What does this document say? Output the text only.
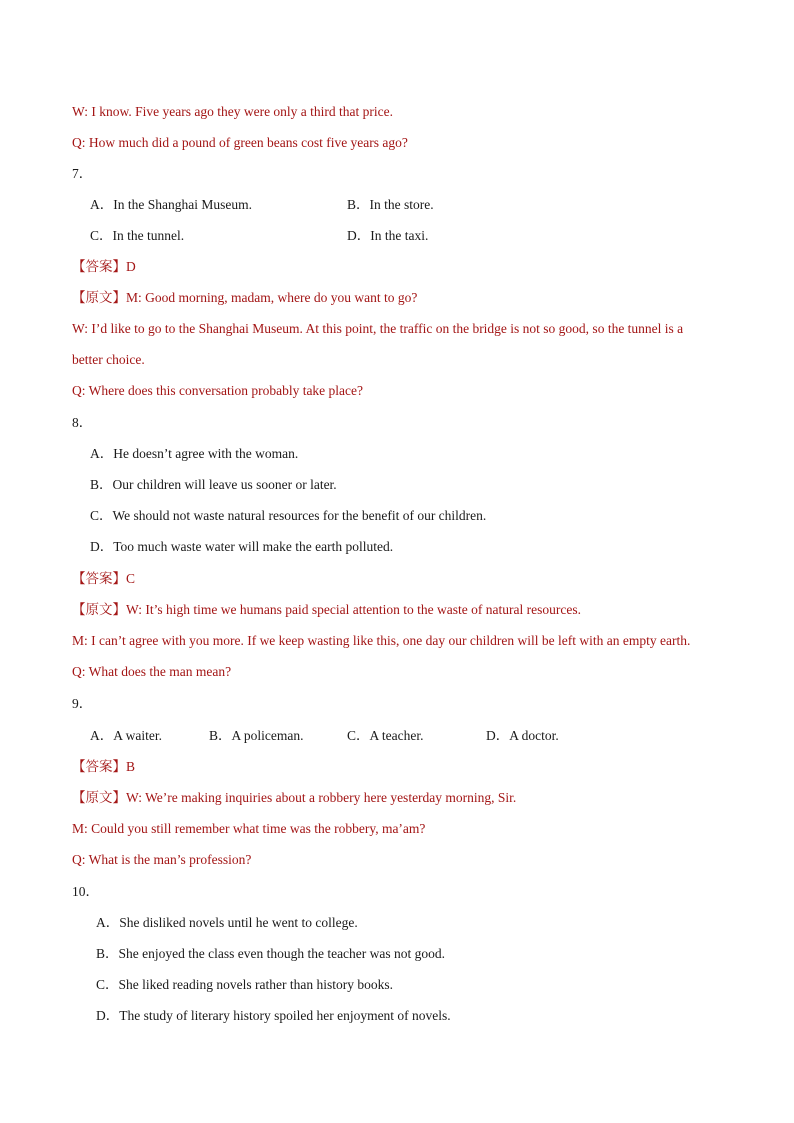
W: I know. Five years ago they were only a third that price.
Q: How much did a pound of green beans cost five years ago?
7．
A．In the Shanghai Museum.	B．In the store.
C．In the tunnel.	D．In the taxi.
【答案】D
【原文】M: Good morning, madam, where do you want to go?
W: I’d like to go to the Shanghai Museum. At this point, the traffic on the bridge is not so good, so the tunnel is a
better choice.
Q: Where does this conversation probably take place?
8．
A．He doesn’t agree with the woman.
B．Our children will leave us sooner or later.
C．We should not waste natural resources for the benefit of our children.
D．Too much waste water will make the earth polluted.
【答案】C
【原文】W: It’s high time we humans paid special attention to the waste of natural resources.
M: I can’t agree with you more. If we keep wasting like this, one day our children will be left with an empty earth.
Q: What does the man mean?
9．
A．A waiter.	B．A policeman.	C．A teacher.	D．A doctor.
【答案】B
【原文】W: We’re making inquiries about a robbery here yesterday morning, Sir.
M: Could you still remember what time was the robbery, ma’am?
Q: What is the man’s profession?
10．
A．She disliked novels until he went to college.
B．She enjoyed the class even though the teacher was not good.
C．She liked reading novels rather than history books.
D．The study of literary history spoiled her enjoyment of novels.
